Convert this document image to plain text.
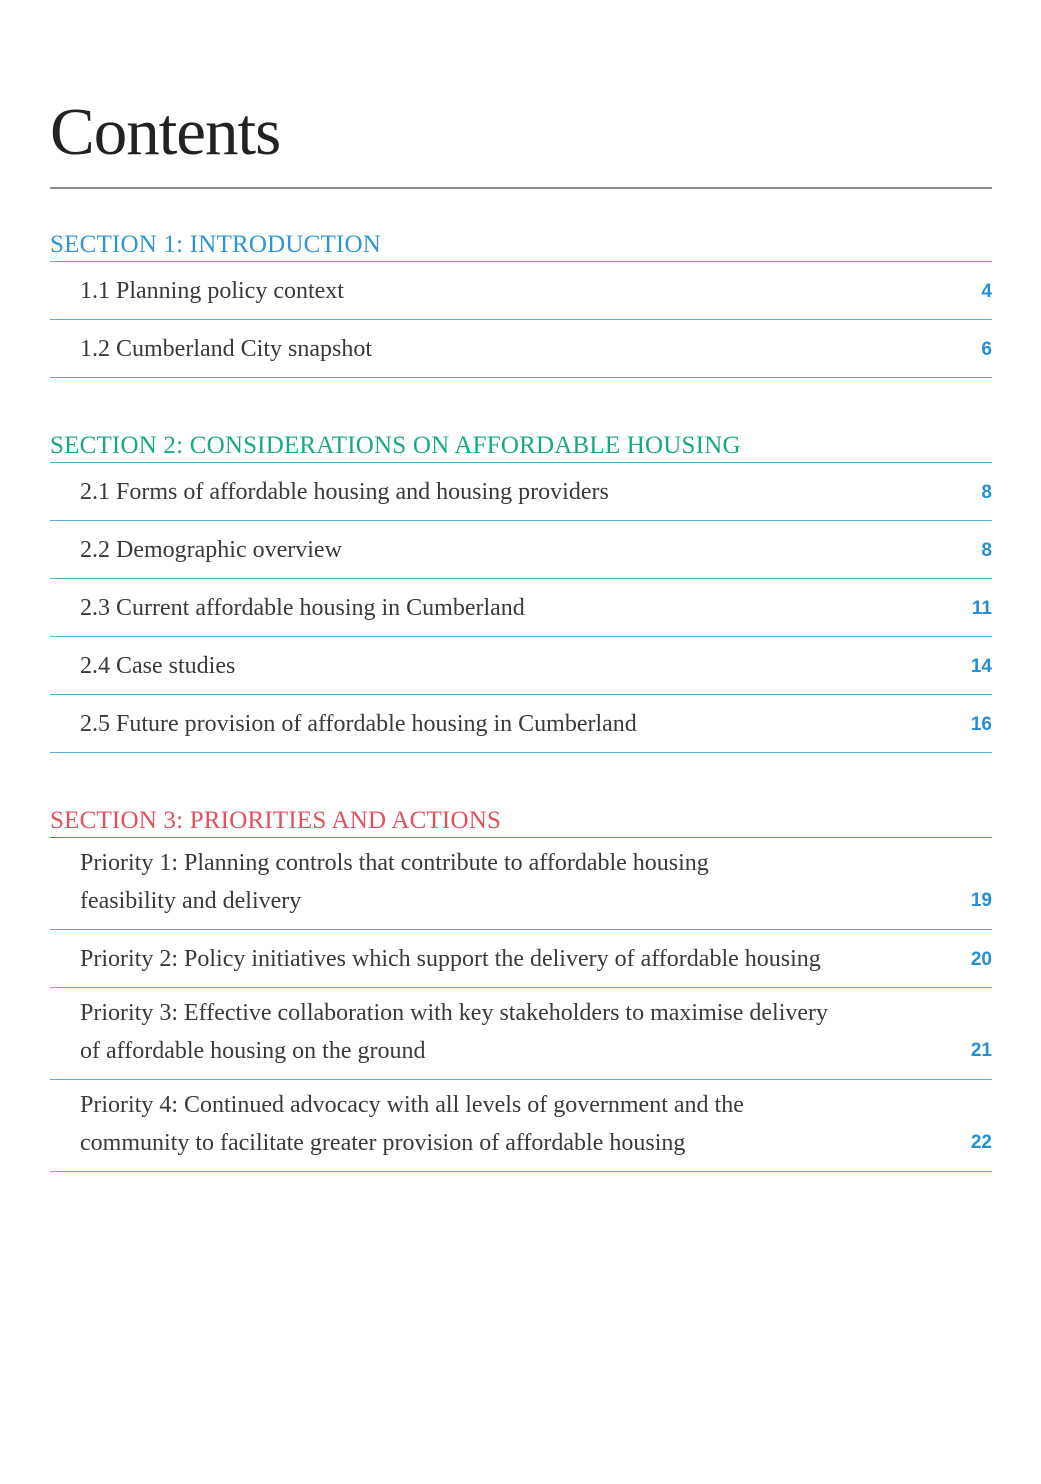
Contents
SECTION 1: INTRODUCTION
1.1 Planning policy context	4
1.2 Cumberland City snapshot	6
SECTION 2: CONSIDERATIONS ON AFFORDABLE HOUSING
2.1 Forms of affordable housing and housing providers	8
2.2 Demographic overview	8
2.3 Current affordable housing in Cumberland	11
2.4 Case studies	14
2.5 Future provision of affordable housing in Cumberland	16
SECTION 3: PRIORITIES AND ACTIONS
Priority 1: Planning controls that contribute to affordable housing
feasibility and delivery	19
Priority 2: Policy initiatives which support the delivery of affordable housing	20
Priority 3: Effective collaboration with key stakeholders to maximise delivery
of affordable housing on the ground	21
Priority 4: Continued advocacy with all levels of government and the
community to facilitate greater provision of affordable housing	22
